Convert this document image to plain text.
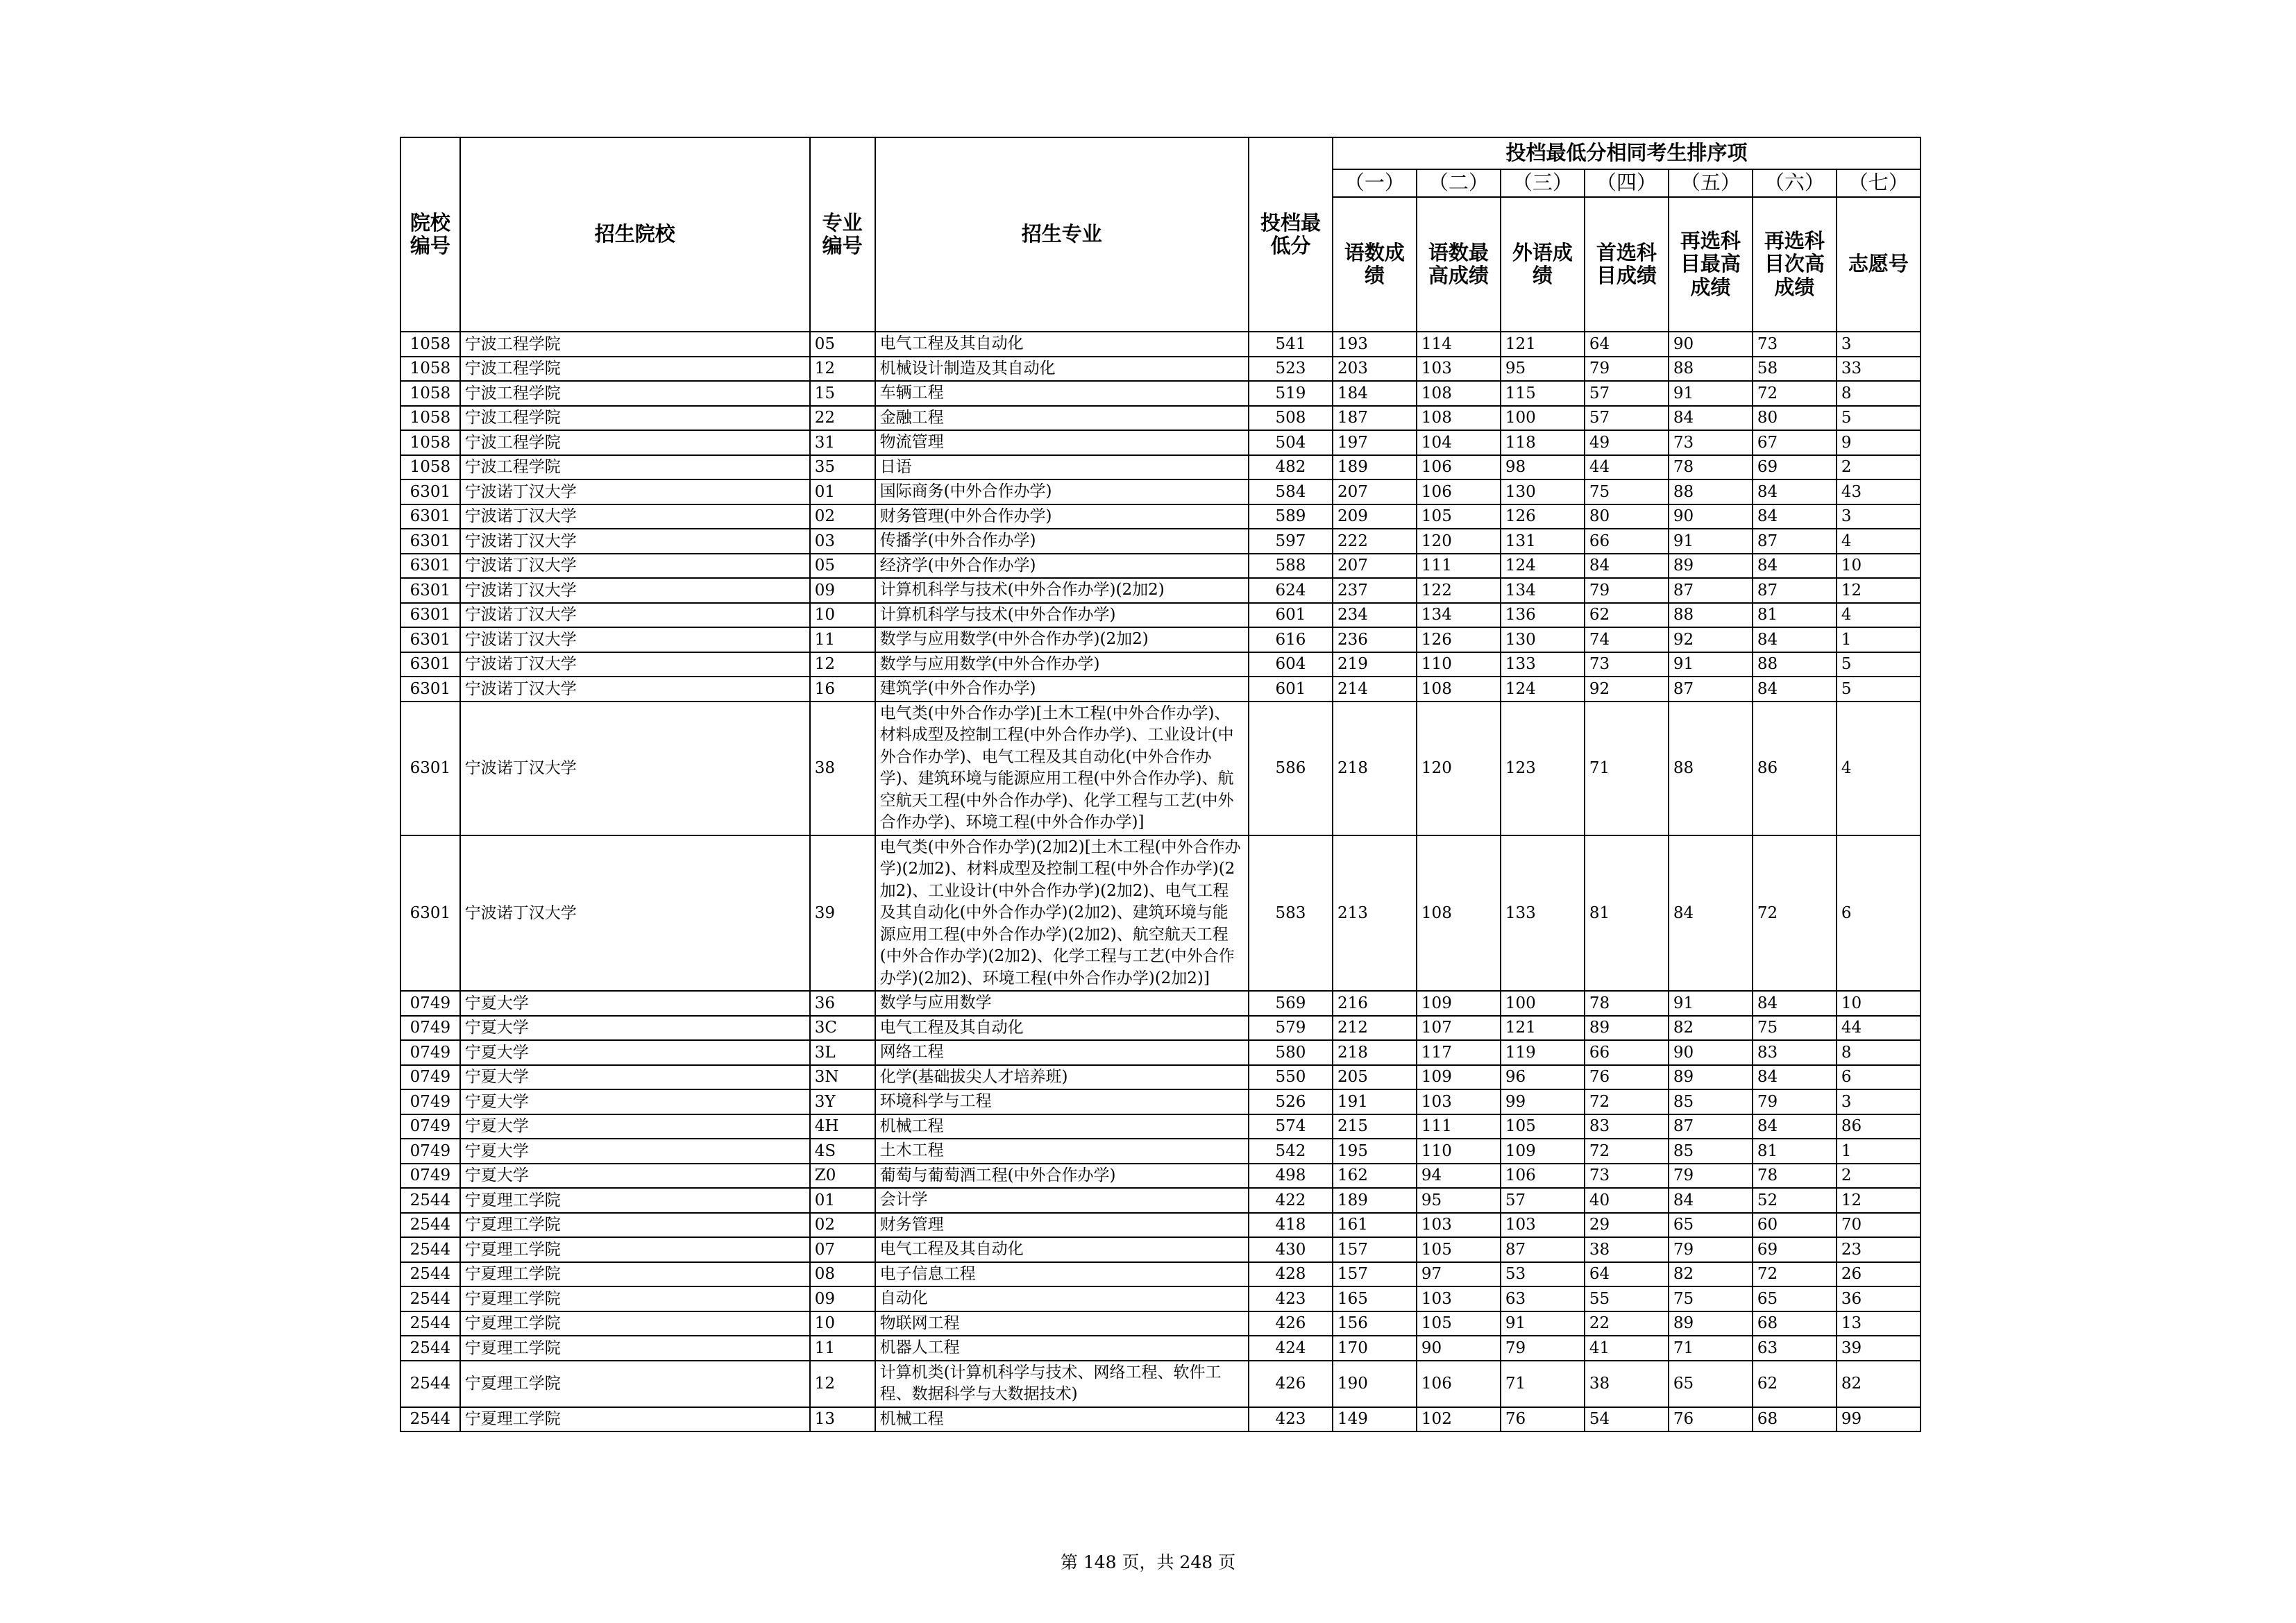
院校编号	招生院校	专业编号	招生专业	投档最低分	投档最低分相同考生排序项						
					（一）	（二）	（三）	（四）	（五）	（六）	（七）
					语数成绩	语数最高成绩	外语成绩	首选科目成绩	再选科目最高成绩	再选科目次高成绩	志愿号
1058	宁波工程学院	05	电气工程及其自动化	541	193	114	121	64	90	73	3
1058	宁波工程学院	12	机械设计制造及其自动化	523	203	103	95	79	88	58	33
1058	宁波工程学院	15	车辆工程	519	184	108	115	57	91	72	8
1058	宁波工程学院	22	金融工程	508	187	108	100	57	84	80	5
1058	宁波工程学院	31	物流管理	504	197	104	118	49	73	67	9
1058	宁波工程学院	35	日语	482	189	106	98	44	78	69	2
6301	宁波诺丁汉大学	01	国际商务(中外合作办学)	584	207	106	130	75	88	84	43
6301	宁波诺丁汉大学	02	财务管理(中外合作办学)	589	209	105	126	80	90	84	3
6301	宁波诺丁汉大学	03	传播学(中外合作办学)	597	222	120	131	66	91	87	4
6301	宁波诺丁汉大学	05	经济学(中外合作办学)	588	207	111	124	84	89	84	10
6301	宁波诺丁汉大学	09	计算机科学与技术(中外合作办学)(2加2)	624	237	122	134	79	87	87	12
6301	宁波诺丁汉大学	10	计算机科学与技术(中外合作办学)	601	234	134	136	62	88	81	4
6301	宁波诺丁汉大学	11	数学与应用数学(中外合作办学)(2加2)	616	236	126	130	74	92	84	1
6301	宁波诺丁汉大学	12	数学与应用数学(中外合作办学)	604	219	110	133	73	91	88	5
6301	宁波诺丁汉大学	16	建筑学(中外合作办学)	601	214	108	124	92	87	84	5
6301	宁波诺丁汉大学	38	电气类(中外合作办学)[土木工程(中外合作办学)、材料成型及控制工程(中外合作办学)、工业设计(中外合作办学)、电气工程及其自动化(中外合作办学)、建筑环境与能源应用工程(中外合作办学)、航空航天工程(中外合作办学)、化学工程与工艺(中外合作办学)、环境工程(中外合作办学)]	586	218	120	123	71	88	86	4
6301	宁波诺丁汉大学	39	电气类(中外合作办学)(2加2)[土木工程(中外合作办学)(2加2)、材料成型及控制工程(中外合作办学)(2加2)、工业设计(中外合作办学)(2加2)、电气工程及其自动化(中外合作办学)(2加2)、建筑环境与能源应用工程(中外合作办学)(2加2)、航空航天工程(中外合作办学)(2加2)、化学工程与工艺(中外合作办学)(2加2)、环境工程(中外合作办学)(2加2)]	583	213	108	133	81	84	72	6
0749	宁夏大学	36	数学与应用数学	569	216	109	100	78	91	84	10
0749	宁夏大学	3C	电气工程及其自动化	579	212	107	121	89	82	75	44
0749	宁夏大学	3L	网络工程	580	218	117	119	66	90	83	8
0749	宁夏大学	3N	化学(基础拔尖人才培养班)	550	205	109	96	76	89	84	6
0749	宁夏大学	3Y	环境科学与工程	526	191	103	99	72	85	79	3
0749	宁夏大学	4H	机械工程	574	215	111	105	83	87	84	86
0749	宁夏大学	4S	土木工程	542	195	110	109	72	85	81	1
0749	宁夏大学	Z0	葡萄与葡萄酒工程(中外合作办学)	498	162	94	106	73	79	78	2
2544	宁夏理工学院	01	会计学	422	189	95	57	40	84	52	12
2544	宁夏理工学院	02	财务管理	418	161	103	103	29	65	60	70
2544	宁夏理工学院	07	电气工程及其自动化	430	157	105	87	38	79	69	23
2544	宁夏理工学院	08	电子信息工程	428	157	97	53	64	82	72	26
2544	宁夏理工学院	09	自动化	423	165	103	63	55	75	65	36
2544	宁夏理工学院	10	物联网工程	426	156	105	91	22	89	68	13
2544	宁夏理工学院	11	机器人工程	424	170	90	79	41	71	63	39
2544	宁夏理工学院	12	计算机类(计算机科学与技术、网络工程、软件工程、数据科学与大数据技术)	426	190	106	71	38	65	62	82
2544	宁夏理工学院	13	机械工程	423	149	102	76	54	76	68	99
第 148 页，共 248 页
